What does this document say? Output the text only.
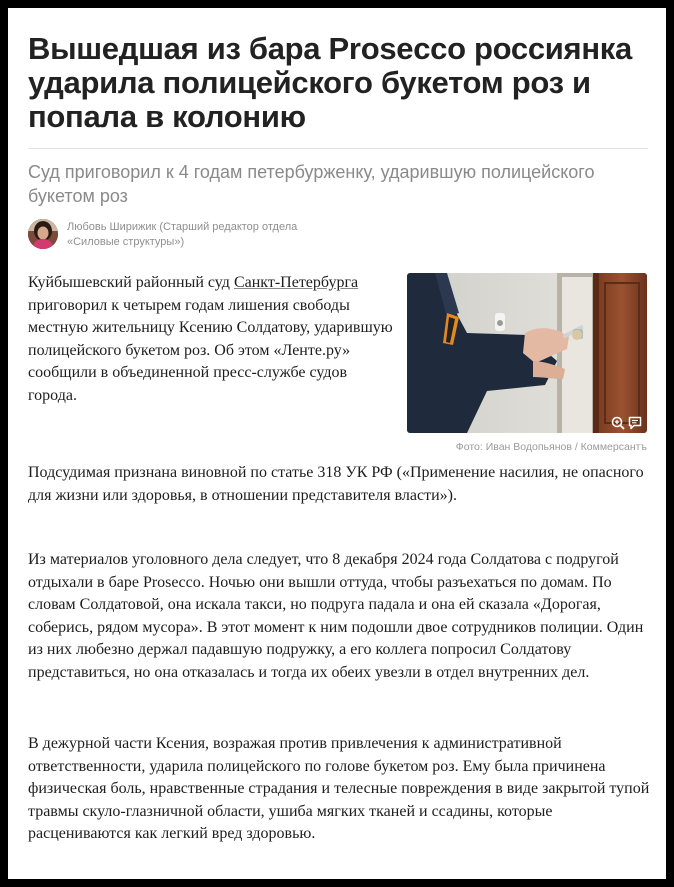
Вышедшая из бара Prosecco россиянка ударила полицейского букетом роз и попала в колонию

Суд приговорил к 4 годам петербурженку, ударившую полицейского букетом роз

Любовь Ширижик (Старший редактор отдела
«Силовые структуры»)
Фото: Иван Водопьянов / Коммерсантъ

Куйбышевский районный суд Санкт-Петербурга приговорил к четырем годам лишения свободы местную жительницу Ксению Солдатову, ударившую полицейского букетом роз. Об этом «Ленте.ру» сообщили в объединенной пресс-службе судов города.

Подсудимая признана виновной по статье 318 УК РФ («Применение насилия, не опасного для жизни или здоровья, в отношении представителя власти»).

Из материалов уголовного дела следует, что 8 декабря 2024 года Солдатова с подругой отдыхали в баре Prosecco. Ночью они вышли оттуда, чтобы разъехаться по домам. По словам Солдатовой, она искала такси, но подруга падала и она ей сказала «Дорогая, соберись, рядом мусора». В этот момент к ним подошли двое сотрудников полиции. Один из них любезно держал падавшую подружку, а его коллега попросил Солдатову представиться, но она отказалась и тогда их обеих увезли в отдел внутренних дел.

В дежурной части Ксения, возражая против привлечения к административной ответственности, ударила полицейского по голове букетом роз. Ему была причинена физическая боль, нравственные страдания и телесные повреждения в виде закрытой тупой травмы скуло-глазничной области, ушиба мягких тканей и ссадины, которые расцениваются как легкий вред здоровью.
